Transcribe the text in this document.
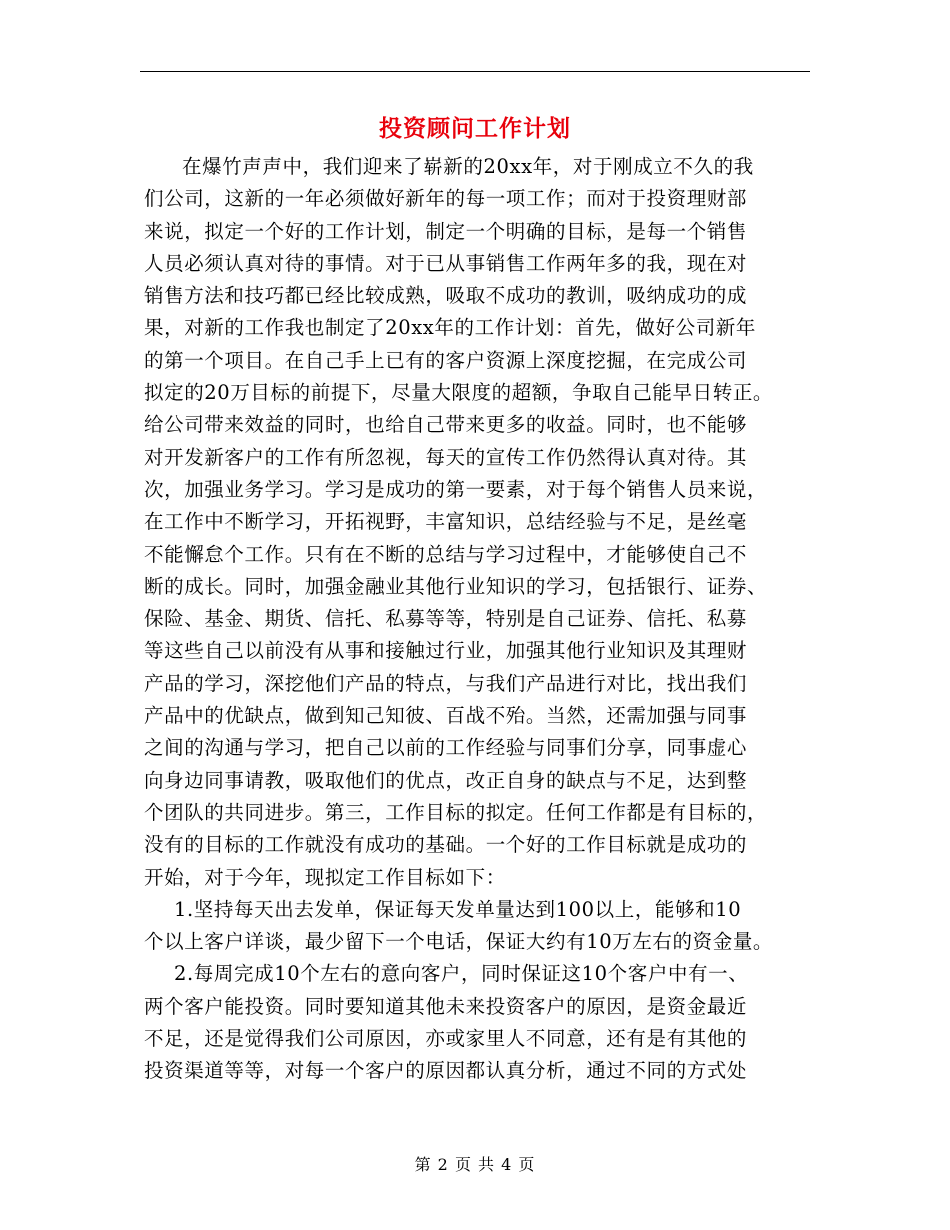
投资顾问工作计划
在爆竹声声中，我们迎来了崭新的20xx年，对于刚成立不久的我
们公司，这新的一年必须做好新年的每一项工作；而对于投资理财部
来说，拟定一个好的工作计划，制定一个明确的目标，是每一个销售
人员必须认真对待的事情。对于已从事销售工作两年多的我，现在对
销售方法和技巧都已经比较成熟，吸取不成功的教训，吸纳成功的成
果，对新的工作我也制定了20xx年的工作计划：首先，做好公司新年
的第一个项目。在自己手上已有的客户资源上深度挖掘，在完成公司
拟定的20万目标的前提下，尽量大限度的超额，争取自己能早日转正。
给公司带来效益的同时，也给自己带来更多的收益。同时，也不能够
对开发新客户的工作有所忽视，每天的宣传工作仍然得认真对待。其
次，加强业务学习。学习是成功的第一要素，对于每个销售人员来说，
在工作中不断学习，开拓视野，丰富知识，总结经验与不足，是丝毫
不能懈怠个工作。只有在不断的总结与学习过程中，才能够使自己不
断的成长。同时，加强金融业其他行业知识的学习，包括银行、证券、
保险、基金、期货、信托、私募等等，特别是自己证券、信托、私募
等这些自己以前没有从事和接触过行业，加强其他行业知识及其理财
产品的学习，深挖他们产品的特点，与我们产品进行对比，找出我们
产品中的优缺点，做到知己知彼、百战不殆。当然，还需加强与同事
之间的沟通与学习，把自己以前的工作经验与同事们分享，同事虚心
向身边同事请教，吸取他们的优点，改正自身的缺点与不足，达到整
个团队的共同进步。第三，工作目标的拟定。任何工作都是有目标的，
没有的目标的工作就没有成功的基础。一个好的工作目标就是成功的
开始，对于今年，现拟定工作目标如下：
1.坚持每天出去发单，保证每天发单量达到100以上，能够和10
个以上客户详谈，最少留下一个电话，保证大约有10万左右的资金量。
2.每周完成10个左右的意向客户，同时保证这10个客户中有一、
两个客户能投资。同时要知道其他未来投资客户的原因，是资金最近
不足，还是觉得我们公司原因，亦或家里人不同意，还有是有其他的
投资渠道等等，对每一个客户的原因都认真分析，通过不同的方式处
第 2 页 共 4 页
